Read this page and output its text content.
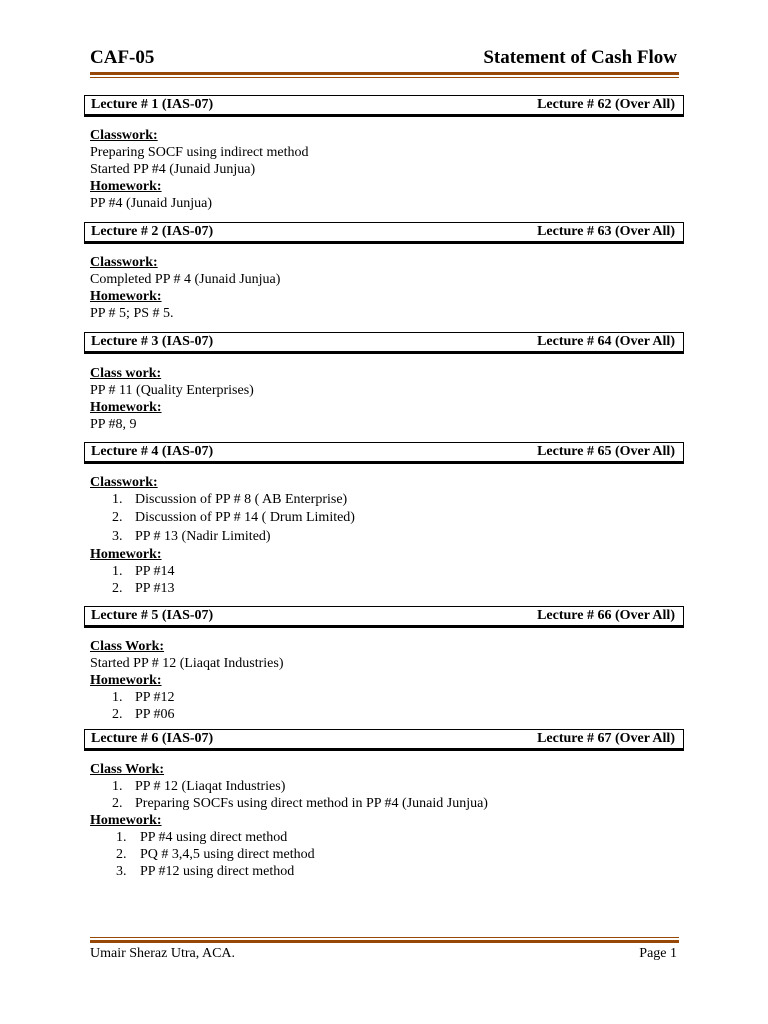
CAF-05	Statement of Cash Flow
Lecture # 1 (IAS-07)	Lecture # 62 (Over All)
Classwork:
Preparing SOCF using indirect method
Started PP #4 (Junaid Junjua)
Homework:
PP #4 (Junaid Junjua)
Lecture # 2 (IAS-07)	Lecture # 63 (Over All)
Classwork:
Completed PP # 4 (Junaid Junjua)
Homework:
PP # 5; PS # 5.
Lecture # 3 (IAS-07)	Lecture # 64 (Over All)
Class work:
PP # 11 (Quality Enterprises)
Homework:
PP #8, 9
Lecture # 4 (IAS-07)	Lecture # 65 (Over All)
Classwork:
1. Discussion of PP # 8 ( AB Enterprise)
2. Discussion of PP # 14 ( Drum Limited)
3. PP # 13 (Nadir Limited)
Homework:
1. PP #14
2. PP #13
Lecture # 5 (IAS-07)	Lecture # 66 (Over All)
Class Work:
Started PP # 12 (Liaqat Industries)
Homework:
1. PP #12
2. PP #06
Lecture # 6 (IAS-07)	Lecture # 67 (Over All)
Class Work:
1. PP # 12 (Liaqat Industries)
2. Preparing SOCFs using direct method in PP #4 (Junaid Junjua)
Homework:
1. PP #4 using direct method
2. PQ # 3,4,5 using direct method
3. PP #12 using direct method
Umair Sheraz Utra, ACA.	Page 1
